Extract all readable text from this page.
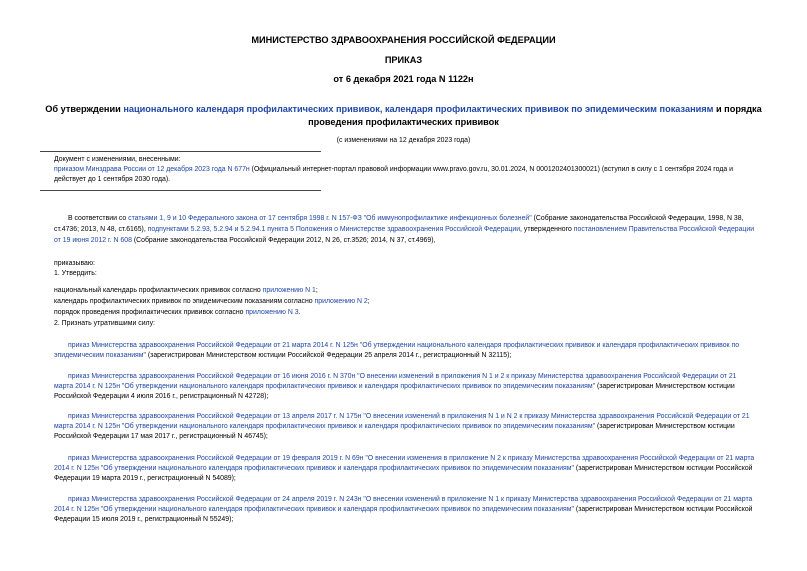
МИНИСТЕРСТВО ЗДРАВООХРАНЕНИЯ РОССИЙСКОЙ ФЕДЕРАЦИИ
ПРИКАЗ
от 6 декабря 2021 года N 1122н
Об утверждении национального календаря профилактических прививок, календаря профилактических прививок по эпидемическим показаниям и порядка
проведения профилактических прививок
(с изменениями на 12 декабря 2023 года)
Документ с изменениями, внесенными:
приказом Минздрава России от 12 декабря 2023 года N 677н (Официальный интернет-портал правовой информации www.pravo.gov.ru, 30.01.2024, N 0001202401300021) (вступил в силу с 1 сентября 2024 года и
действует до 1 сентября 2030 года).
В соответствии со статьями 1, 9 и 10 Федерального закона от 17 сентября 1998 г. N 157-ФЗ "Об иммунопрофилактике инфекционных болезней" (Собрание законодательства Российской Федерации, 1998, N 38,
ст.4736; 2013, N 48, ст.6165), подпунктами 5.2.93, 5.2.94 и 5.2.94.1 пункта 5 Положения о Министерстве здравоохранения Российской Федерации, утвержденного постановлением Правительства Российской Федерации
от 19 июня 2012 г. N 608 (Собрание законодательства Российской Федерации 2012, N 26, ст.3526; 2014, N 37, ст.4969),
приказываю:
1. Утвердить:
национальный календарь профилактических прививок согласно приложению N 1;
календарь профилактических прививок по эпидемическим показаниям согласно приложению N 2;
порядок проведения профилактических прививок согласно приложению N 3.
2. Признать утратившими силу:
приказ Министерства здравоохранения Российской Федерации от 21 марта 2014 г. N 125н "Об утверждении национального календаря профилактических прививок и календаря профилактических прививок по
эпидемическим показаниям" (зарегистрирован Министерством юстиции Российской Федерации 25 апреля 2014 г., регистрационный N 32115);
приказ Министерства здравоохранения Российской Федерации от 16 июня 2016 г. N 370н "О внесении изменений в приложения N 1 и 2 к приказу Министерства здравоохранения Российской Федерации от 21
марта 2014 г. N 125н "Об утверждении национального календаря профилактических прививок и календаря профилактических прививок по эпидемическим показаниям" (зарегистрирован Министерством юстиции
Российской Федерации 4 июля 2016 г., регистрационный N 42728);
приказ Министерства здравоохранения Российской Федерации от 13 апреля 2017 г. N 175н "О внесении изменений в приложения N 1 и N 2 к приказу Министерства здравоохранения Российской Федерации от 21
марта 2014 г. N 125н "Об утверждении национального календаря профилактических прививок и календаря профилактических прививок по эпидемическим показаниям" (зарегистрирован Министерством юстиции
Российской Федерации 17 мая 2017 г., регистрационный N 46745);
приказ Министерства здравоохранения Российской Федерации от 19 февраля 2019 г. N 69н "О внесении изменения в приложение N 2 к приказу Министерства здравоохранения Российской Федерации от 21 марта
2014 г. N 125н "Об утверждении национального календаря профилактических прививок и календаря профилактических прививок по эпидемическим показаниям" (зарегистрирован Министерством юстиции Российской
Федерации 19 марта 2019 г., регистрационный N 54089);
приказ Министерства здравоохранения Российской Федерации от 24 апреля 2019 г. N 243н "О внесении изменений в приложение N 1 к приказу Министерства здравоохранения Российской Федерации от 21 марта
2014 г. N 125н "Об утверждении национального календаря профилактических прививок и календаря профилактических прививок по эпидемическим показаниям" (зарегистрирован Министерством юстиции Российской
Федерации 15 июля 2019 г., регистрационный N 55249);
